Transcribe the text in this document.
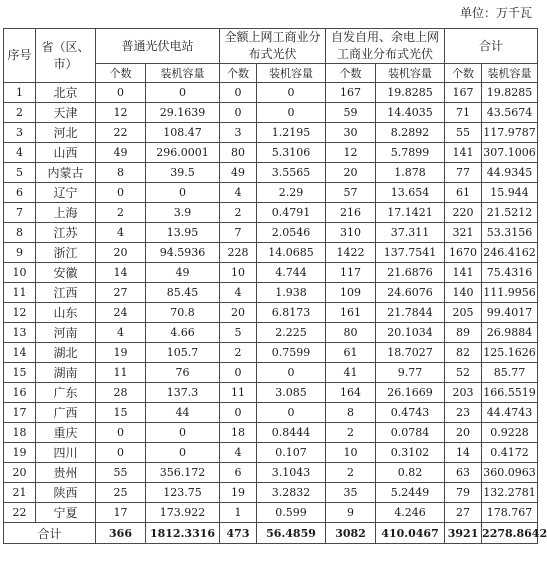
单位：万千瓦
序号	省（区、市）	普通光伏电站		全额上网工商业分布式光伏		自发自用、余电上网工商业分布式光伏		合计	
		个数	装机容量	个数	装机容量	个数	装机容量	个数	装机容量
1	北京	0	0	0	0	167	19.8285	167	19.8285
2	天津	12	29.1639	0	0	59	14.4035	71	43.5674
3	河北	22	108.47	3	1.2195	30	8.2892	55	117.9787
4	山西	49	296.0001	80	5.3106	12	5.7899	141	307.1006
5	内蒙古	8	39.5	49	3.5565	20	1.878	77	44.9345
6	辽宁	0	0	4	2.29	57	13.654	61	15.944
7	上海	2	3.9	2	0.4791	216	17.1421	220	21.5212
8	江苏	4	13.95	7	2.0546	310	37.311	321	53.3156
9	浙江	20	94.5936	228	14.0685	1422	137.7541	1670	246.4162
10	安徽	14	49	10	4.744	117	21.6876	141	75.4316
11	江西	27	85.45	4	1.938	109	24.6076	140	111.9956
12	山东	24	70.8	20	6.8173	161	21.7844	205	99.4017
13	河南	4	4.66	5	2.225	80	20.1034	89	26.9884
14	湖北	19	105.7	2	0.7599	61	18.7027	82	125.1626
15	湖南	11	76	0	0	41	9.77	52	85.77
16	广东	28	137.3	11	3.085	164	26.1669	203	166.5519
17	广西	15	44	0	0	8	0.4743	23	44.4743
18	重庆	0	0	18	0.8444	2	0.0784	20	0.9228
19	四川	0	0	4	0.107	10	0.3102	14	0.4172
20	贵州	55	356.172	6	3.1043	2	0.82	63	360.0963
21	陕西	25	123.75	19	3.2832	35	5.2449	79	132.2781
22	宁夏	17	173.922	1	0.599	9	4.246	27	178.767
合计		366	1812.3316	473	56.4859	3082	410.0467	3921	2278.8642
